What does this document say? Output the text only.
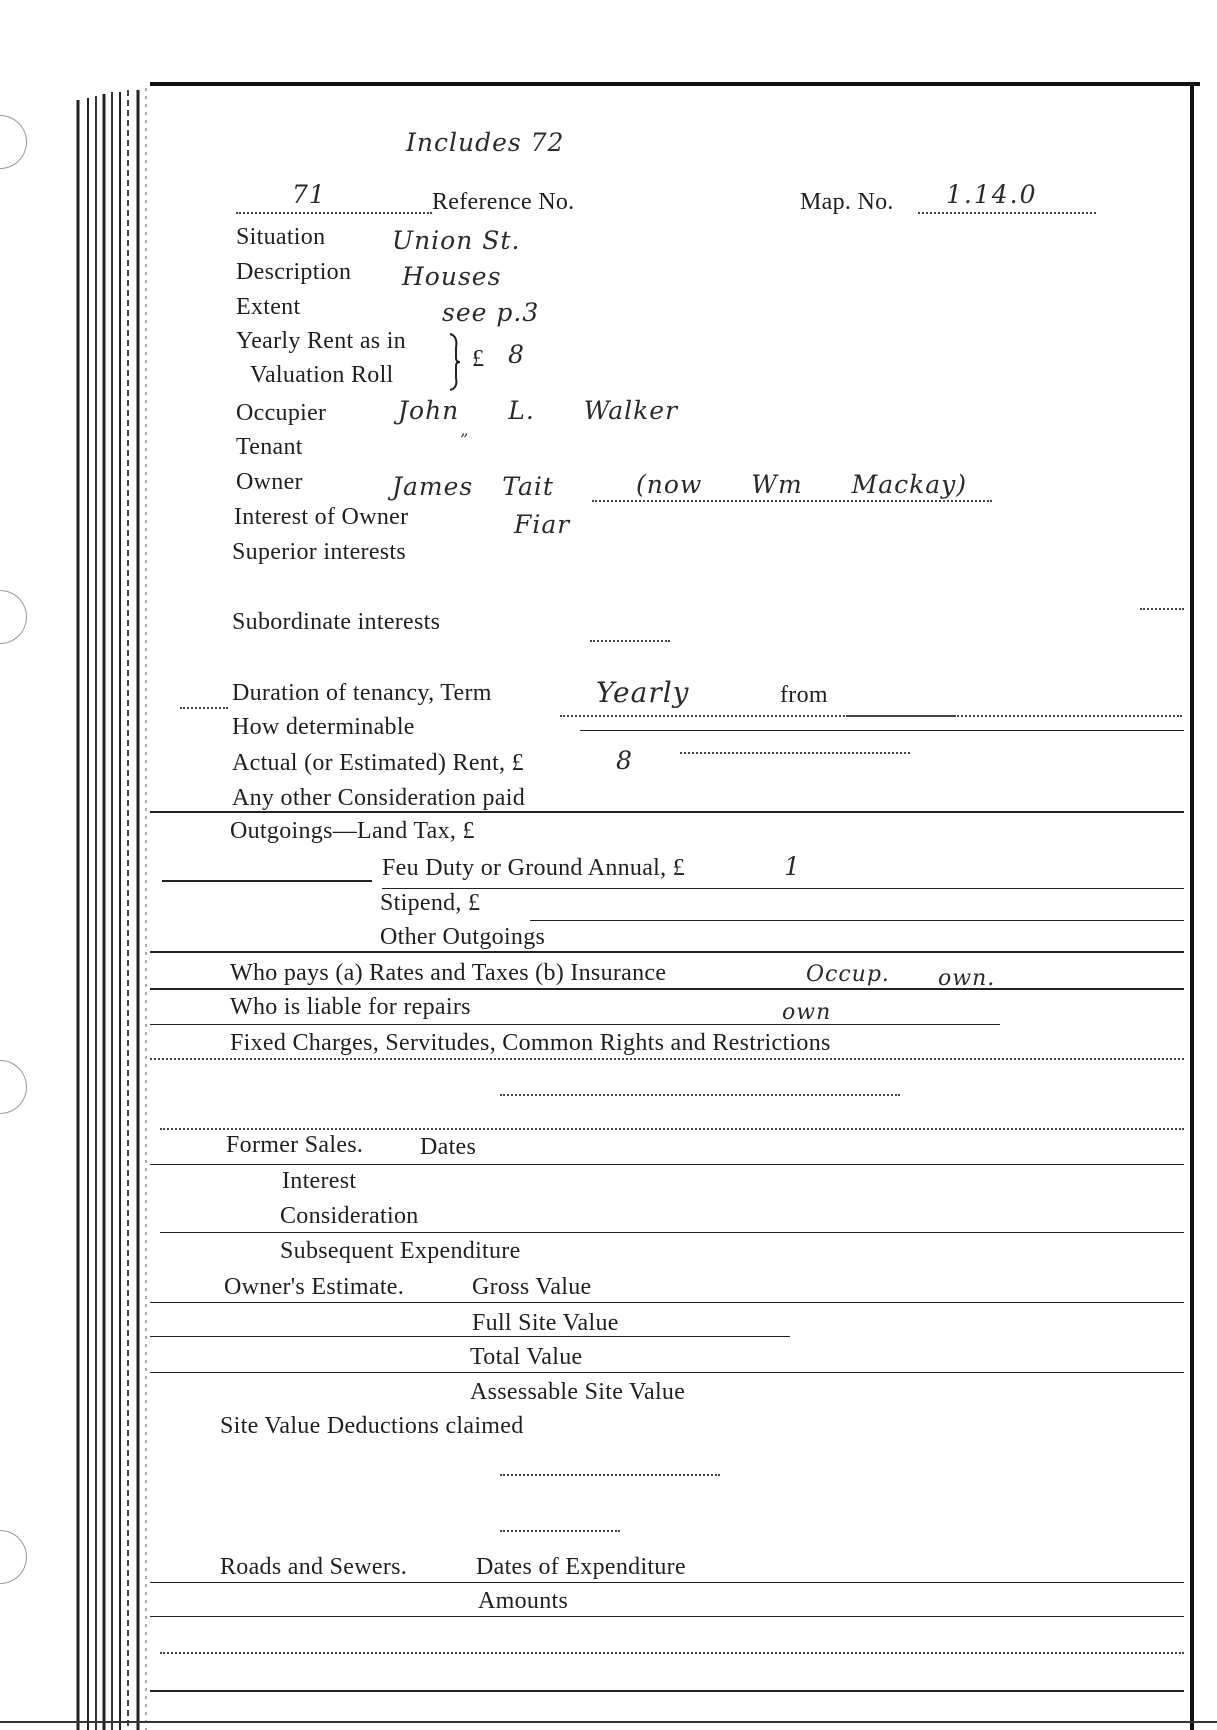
Includes 72
71	Reference No.	Map. No. 1.14.0
Situation	Union St.
Description Houses
Extent	see p.3
Yearly Rent as in
Valuation Roll
£ 8
Occupier	John L. Walker
Tenant	”
Owner	James Tait	(now Wm Mackay)
Interest of Owner	Fiar
Superior interests
Subordinate interests
Duration of tenancy, Term	Yearly	from
How determinable
Actual (or Estimated) Rent, £	8
Any other Consideration paid
Outgoings—Land Tax, £
Feu Duty or Ground Annual, £	1
Stipend, £
Other Outgoings
Who pays (a) Rates and Taxes (b) Insurance	Occup. own.
Who is liable for repairs	own
Fixed Charges, Servitudes, Common Rights and Restrictions
Former Sales. Dates
Interest
Consideration
Subsequent Expenditure
Owner's Estimate.	Gross Value
Full Site Value
Total Value
Assessable Site Value
Site Value Deductions claimed
Roads and Sewers.	Dates of Expenditure
Amounts
